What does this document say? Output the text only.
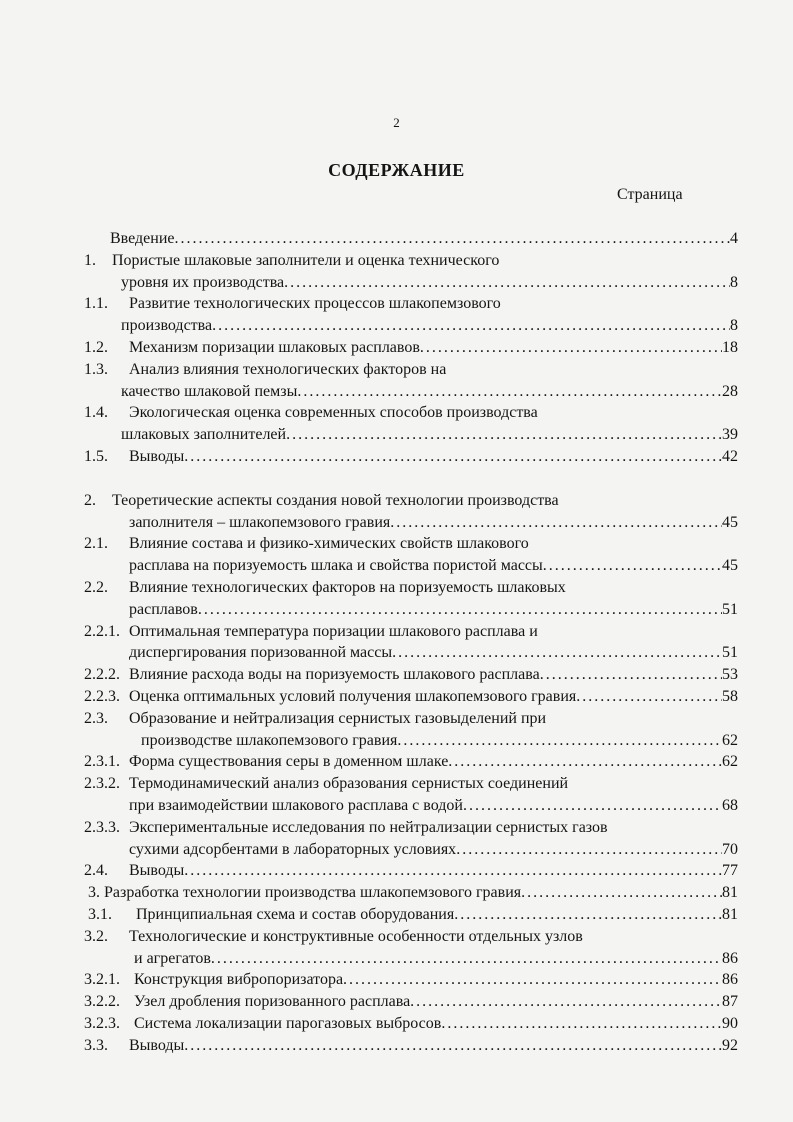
2
СОДЕРЖАНИЕ
Страница
Введение . . .	4
1. Пористые шлаковые заполнители и оценка технического
уровня их производства . . .	8
1.1. Развитие технологических процессов шлакопемзового
производства . . .	8
1.2. Механизм поризации шлаковых расплавов . . .	18
1.3. Анализ влияния технологических факторов на
качество шлаковой пемзы . . .	28
1.4. Экологическая оценка современных способов производства
шлаковых заполнителей . . .	39
1.5. Выводы . . .	42
2. Теоретические аспекты создания новой технологии производства
заполнителя – шлакопемзового гравия . . .	45
2.1. Влияние состава и физико-химических свойств шлакового
расплава на поризуемость шлака и свойства пористой массы . . .	45
2.2. Влияние технологических факторов на поризуемость шлаковых
расплавов . . .	51
2.2.1. Оптимальная температура поризации шлакового расплава и
диспергирования поризованной массы . . .	51
2.2.2. Влияние расхода воды на поризуемость шлакового расплава . . .	53
2.2.3. Оценка оптимальных условий получения шлакопемзового гравия . . .	58
2.3. Образование и нейтрализация сернистых газовыделений при
производстве шлакопемзового гравия . . .	62
2.3.1. Форма существования серы в доменном шлаке . . .	62
2.3.2. Термодинамический анализ образования сернистых соединений
при взаимодействии шлакового расплава с водой . . .	68
2.3.3. Экспериментальные исследования по нейтрализации сернистых газов
сухими адсорбентами в лабораторных условиях . . .	70
2.4. Выводы . . .	77
3. Разработка технологии производства шлакопемзового гравия . . .	81
3.1. Принципиальная схема и состав оборудования . . .	81
3.2. Технологические и конструктивные особенности отдельных узлов
и агрегатов . . .	86
3.2.1. Конструкция вибропоризатора . . .	86
3.2.2. Узел дробления поризованного расплава . . .	87
3.2.3. Система локализации парогазовых выбросов . . .	90
3.3. Выводы . . .	92
